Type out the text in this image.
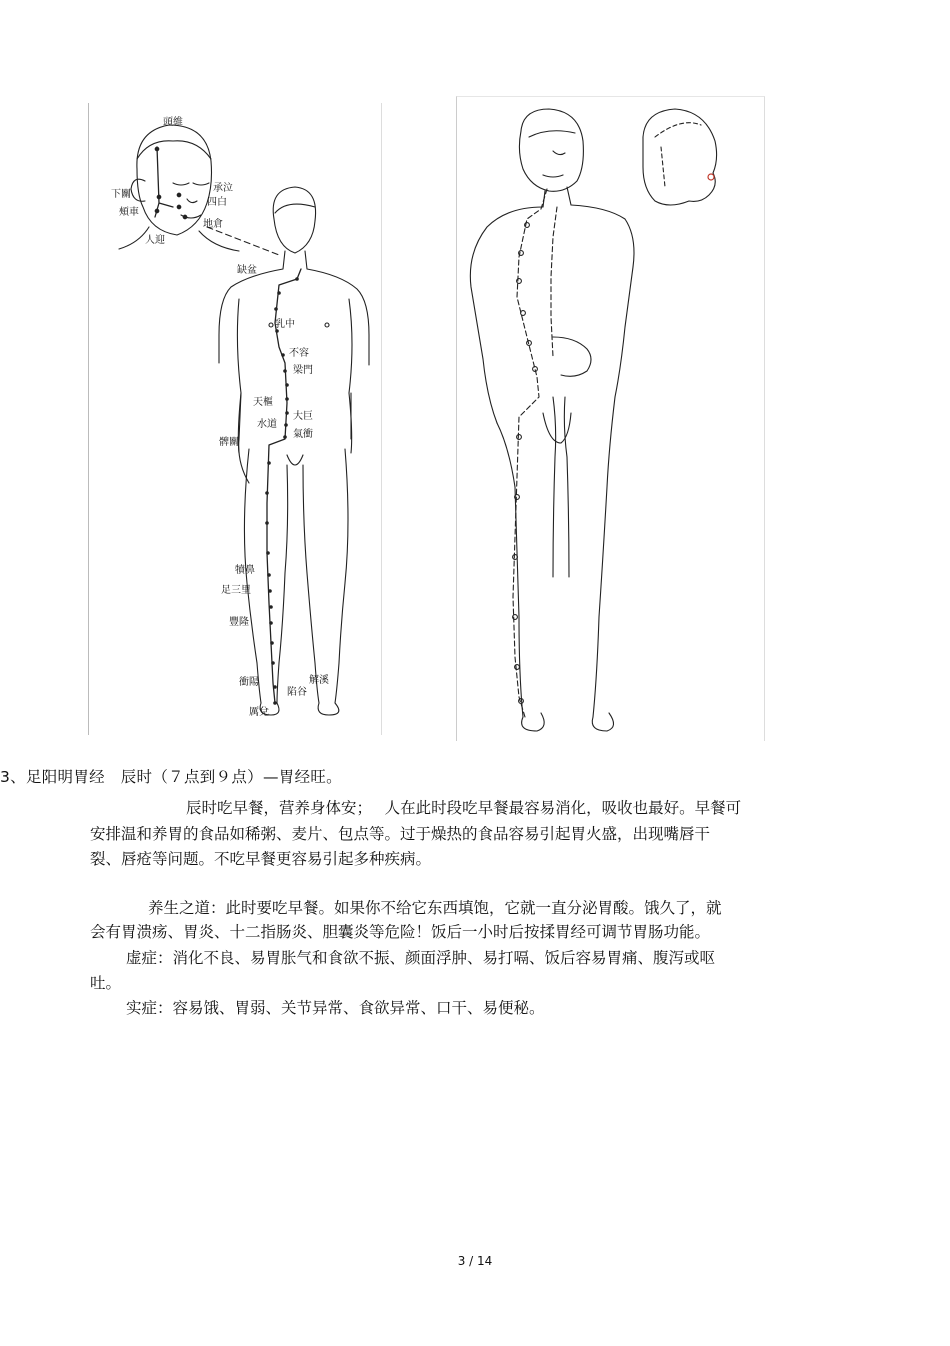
頭維
下關
頰車
承泣
四白
地倉
人迎
缺盆
乳中
不容
梁門
天樞
大巨
水道
氣衝
髀關
犢鼻
足三里
豐隆
解溪
衝陽
陷谷
厲兌
3、足阳明胃经　辰时（７点到９点）—胃经旺。
辰时吃早餐，营养身体安；　 人在此时段吃早餐最容易消化，吸收也最好。早餐可
安排温和养胃的食品如稀粥、麦片、包点等。过于燥热的食品容易引起胃火盛，出现嘴唇干
裂、唇疮等问题。不吃早餐更容易引起多种疾病。
养生之道：此时要吃早餐。如果你不给它东西填饱，它就一直分泌胃酸。饿久了，就
会有胃溃疡、胃炎、十二指肠炎、胆囊炎等危险！饭后一小时后按揉胃经可调节胃肠功能。
虚症：消化不良、易胃胀气和食欲不振、颜面浮肿、易打嗝、饭后容易胃痛、腹泻或呕
吐。
实症：容易饿、胃弱、关节异常、食欲异常、口干、易便秘。
3 / 14
